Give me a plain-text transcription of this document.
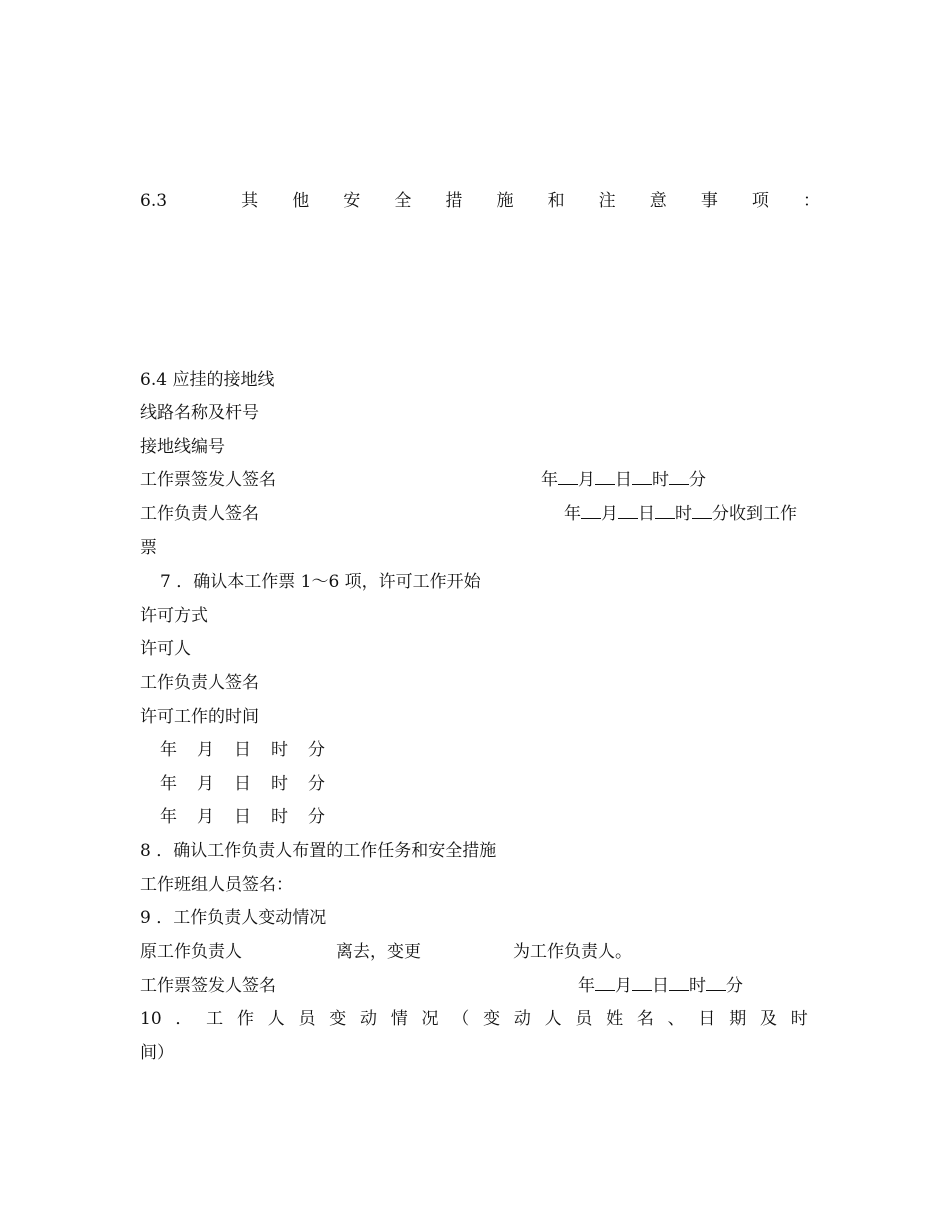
6.3	其 他 安 全 措 施 和 注 意 事 项 ：
6.4 应挂的接地线
线路名称及杆号
接地线编号
工作票签发人签名	年 月 日 时 分
工作负责人签名	年 月 日 时 分收到工作
票
7 ．确认本工作票 1～6 项，许可工作开始
许可方式
许可人
工作负责人签名
许可工作的时间
年 月 日 时 分
年 月 日 时 分
年 月 日 时 分
8 ．确认工作负责人布置的工作任务和安全措施
工作班组人员签名：
9 ．工作负责人变动情况
原工作负责人	离去，变更	为工作负责人。
工作票签发人签名	年 月 日 时 分
10 ． 工 作 人 员 变 动 情 况 （ 变 动 人 员 姓 名 、 日 期 及 时
间）
